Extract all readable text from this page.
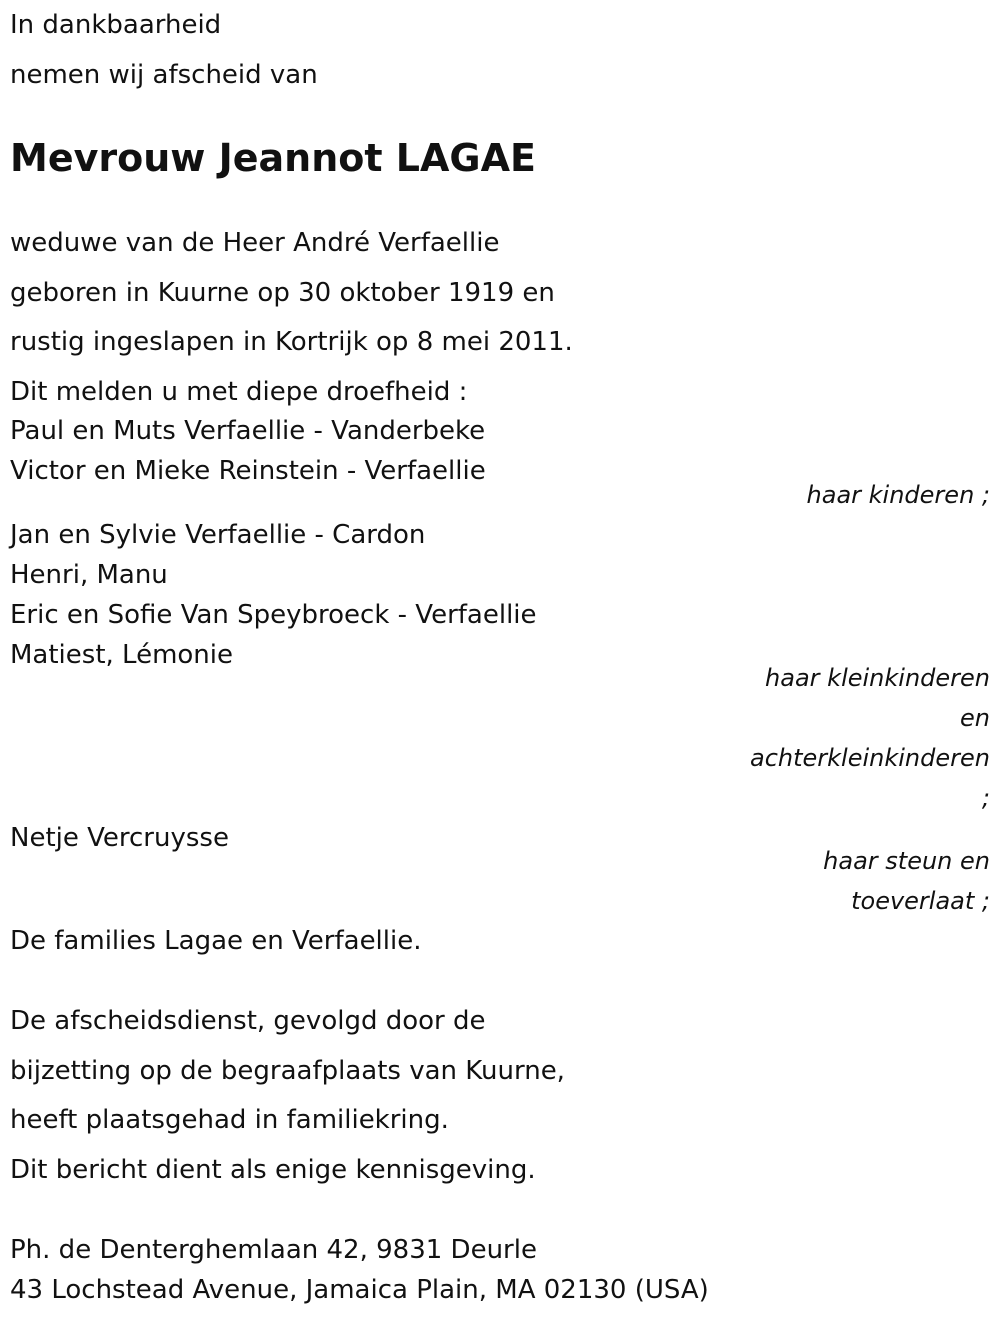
In dankbaarheid
nemen wij afscheid van
Mevrouw Jeannot LAGAE
weduwe van de Heer André Verfaellie
geboren in Kuurne op 30 oktober 1919 en
rustig ingeslapen in Kortrijk op 8 mei 2011.
Dit melden u met diepe droefheid :
Paul en Muts Verfaellie - Vanderbeke
Victor en Mieke Reinstein - Verfaellie
haar kinderen ;
Jan en Sylvie Verfaellie - Cardon
Henri, Manu
Eric en Sofie Van Speybroeck - Verfaellie
Matiest, Lémonie
haar kleinkinderen
en
achterkleinkinderen
;
Netje Vercruysse
haar steun en
toeverlaat ;
De families Lagae en Verfaellie.
De afscheidsdienst, gevolgd door de
bijzetting op de begraafplaats van Kuurne,
heeft plaatsgehad in familiekring.
Dit bericht dient als enige kennisgeving.
Ph. de Denterghemlaan 42, 9831 Deurle
43 Lochstead Avenue, Jamaica Plain, MA 02130 (USA)
